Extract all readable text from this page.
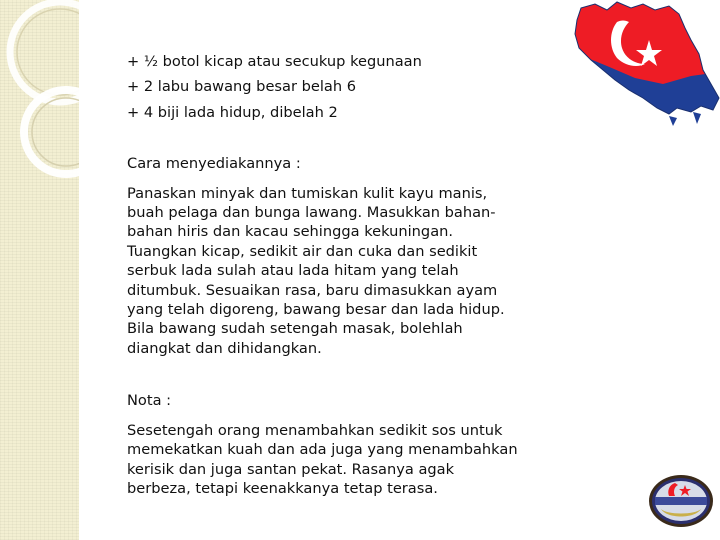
+ ½ botol kicap atau secukup kegunaan

+ 2 labu bawang besar belah 6

+ 4 biji lada hidup, dibelah 2

Cara menyediakannya :

Panaskan minyak dan tumiskan kulit kayu manis, buah pelaga dan bunga lawang. Masukkan bahan-bahan hiris dan kacau sehingga kekuningan. Tuangkan kicap, sedikit air dan cuka dan sedikit serbuk lada sulah atau lada hitam yang telah ditumbuk. Sesuaikan rasa, baru dimasukkan ayam yang telah digoreng, bawang besar dan lada hidup. Bila bawang sudah setengah masak, bolehlah diangkat dan dihidangkan.

Nota :

Sesetengah orang menambahkan sedikit sos untuk memekatkan kuah dan ada juga yang menambahkan kerisik dan juga santan pekat. Rasanya agak berbeza, tetapi keenakkanya tetap terasa.
